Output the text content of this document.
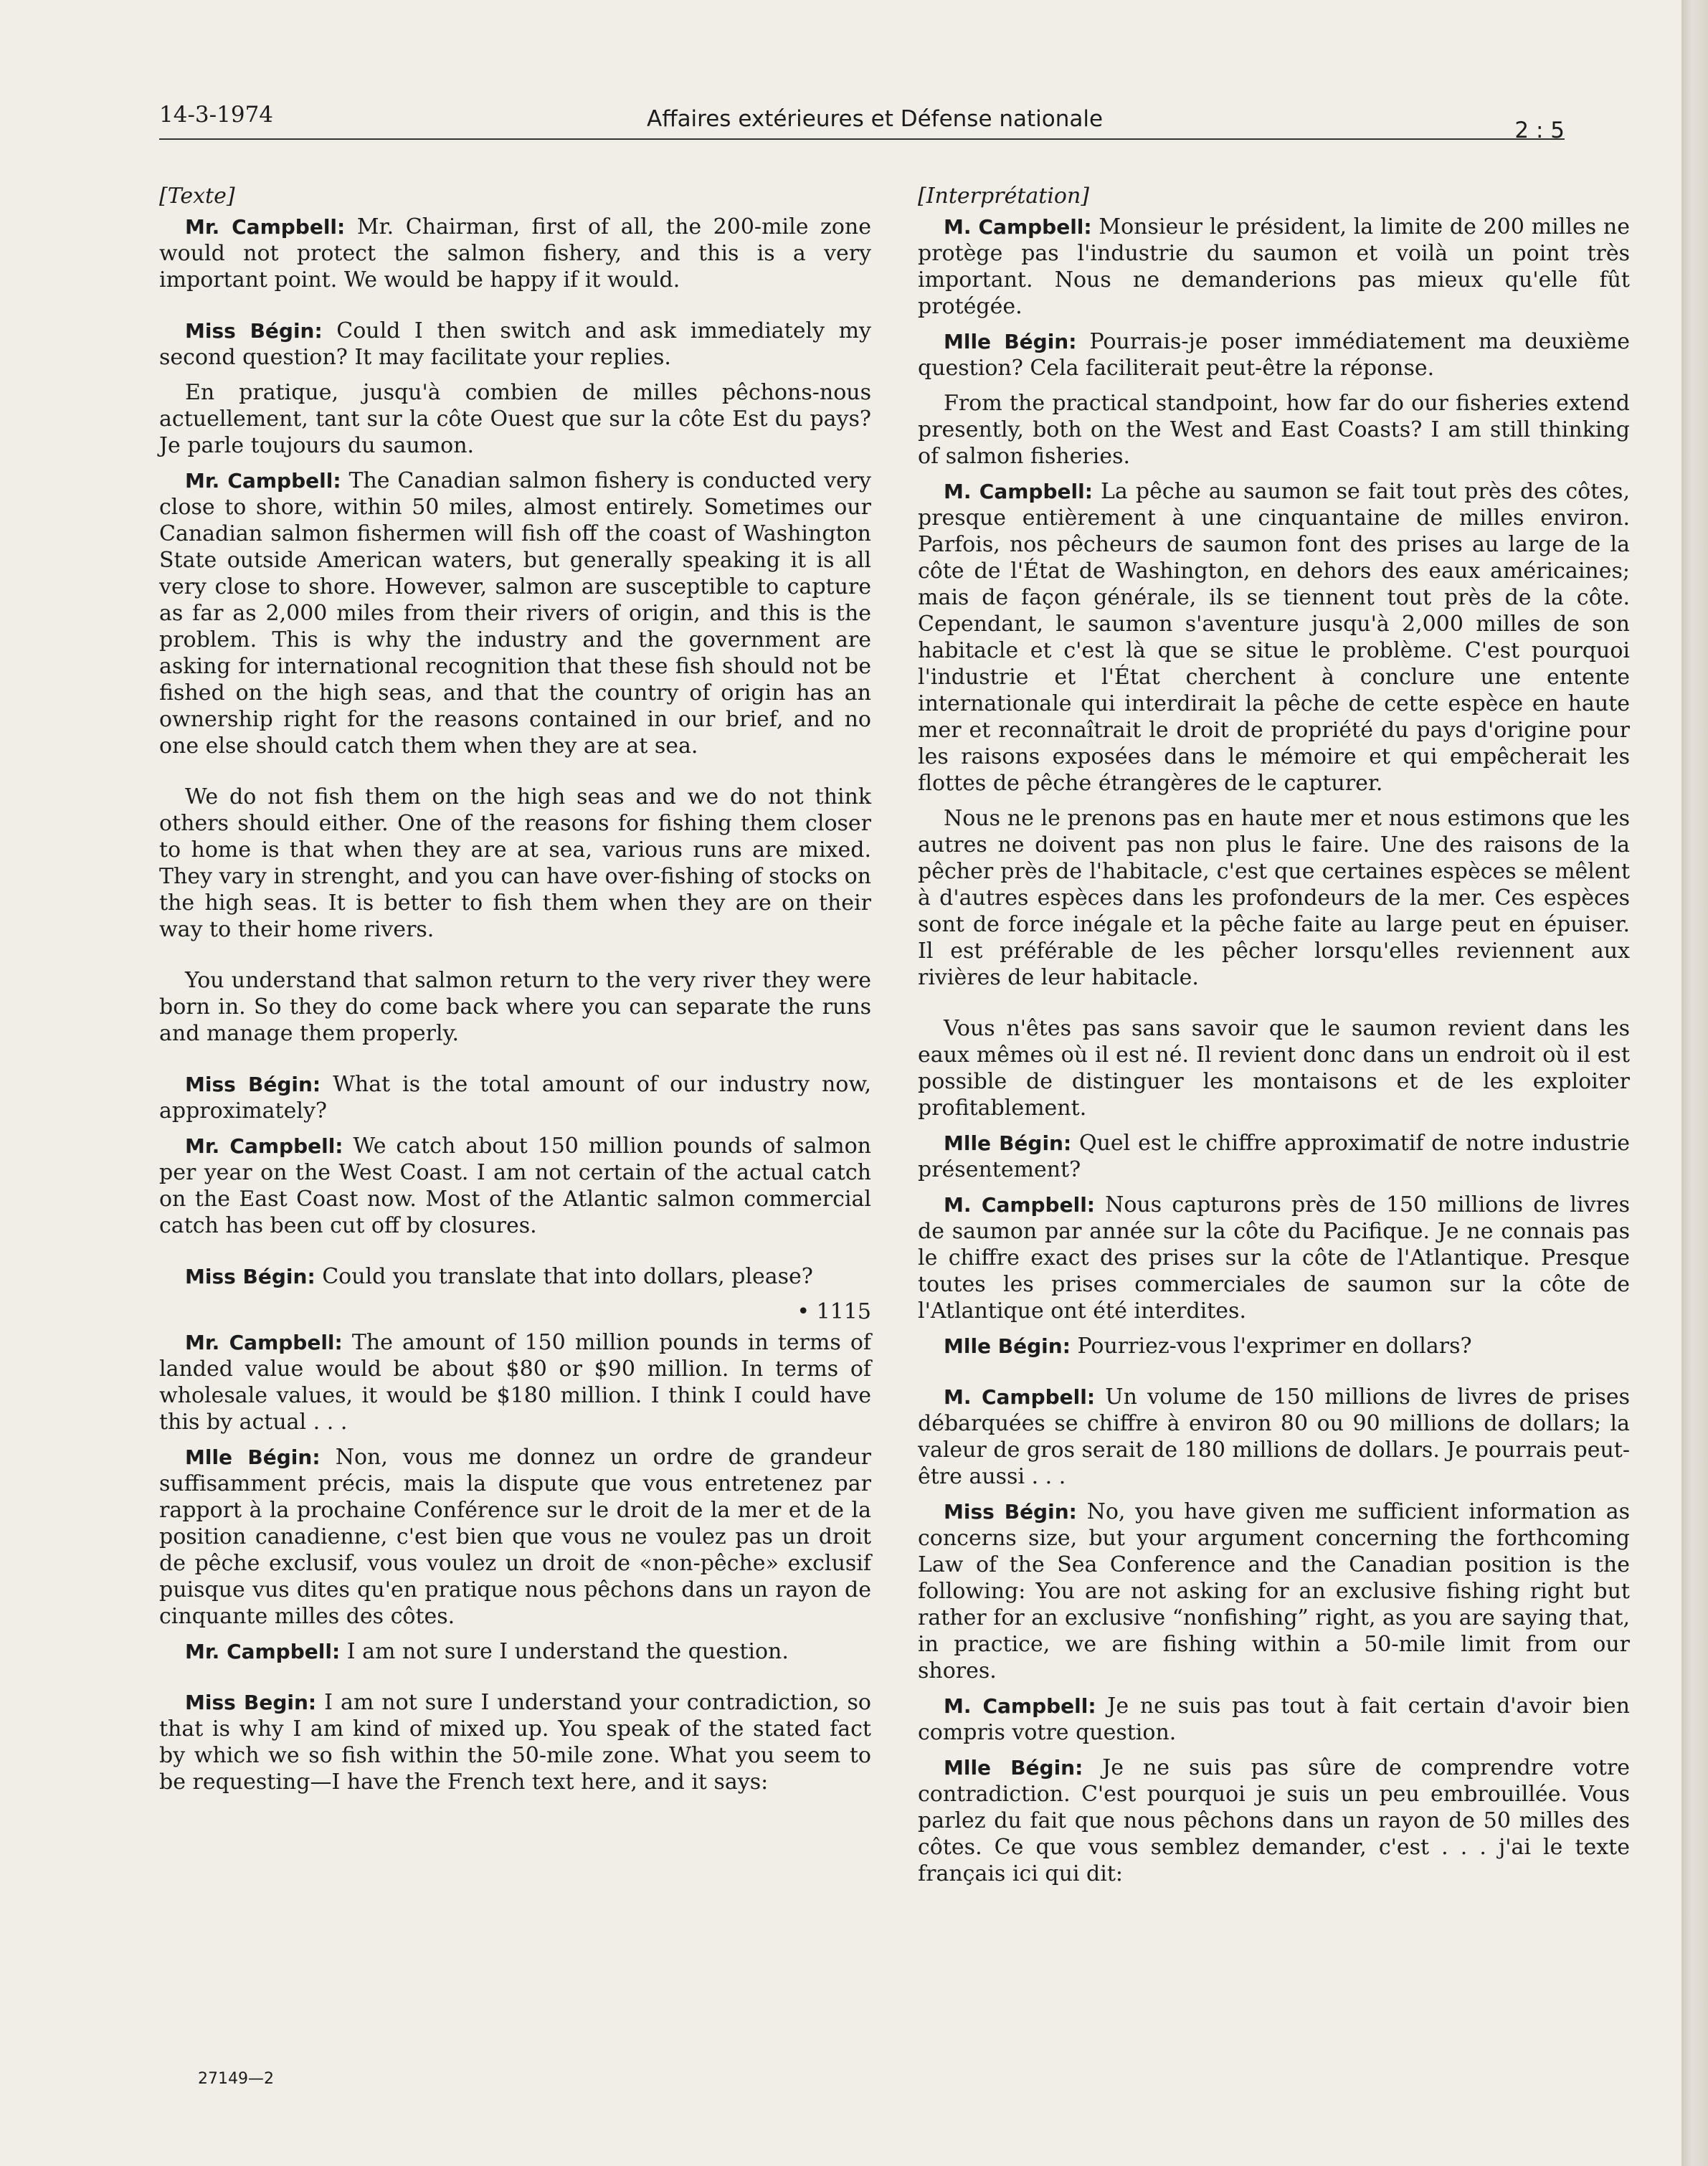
14-3-1974	Affaires extérieures et Défense nationale	2 : 5

[Texte]

Mr. Campbell: Mr. Chairman, first of all, the 200-mile zone would not protect the salmon fishery, and this is a very important point. We would be happy if it would.

Miss Bégin: Could I then switch and ask immediately my second question? It may facilitate your replies.

En pratique, jusqu'à combien de milles pêchons-nous actuellement, tant sur la côte Ouest que sur la côte Est du pays? Je parle toujours du saumon.

Mr. Campbell: The Canadian salmon fishery is conducted very close to shore, within 50 miles, almost entirely. Sometimes our Canadian salmon fishermen will fish off the coast of Washington State outside American waters, but generally speaking it is all very close to shore. However, salmon are susceptible to capture as far as 2,000 miles from their rivers of origin, and this is the problem. This is why the industry and the government are asking for international recognition that these fish should not be fished on the high seas, and that the country of origin has an ownership right for the reasons contained in our brief, and no one else should catch them when they are at sea.

We do not fish them on the high seas and we do not think others should either. One of the reasons for fishing them closer to home is that when they are at sea, various runs are mixed. They vary in strenght, and you can have over-fishing of stocks on the high seas. It is better to fish them when they are on their way to their home rivers.

You understand that salmon return to the very river they were born in. So they do come back where you can separate the runs and manage them properly.

Miss Bégin: What is the total amount of our industry now, approximately?

Mr. Campbell: We catch about 150 million pounds of salmon per year on the West Coast. I am not certain of the actual catch on the East Coast now. Most of the Atlantic salmon commercial catch has been cut off by closures.

Miss Bégin: Could you translate that into dollars, please?

• 1115

Mr. Campbell: The amount of 150 million pounds in terms of landed value would be about $80 or $90 million. In terms of wholesale values, it would be $180 million. I think I could have this by actual . . .

Mlle Bégin: Non, vous me donnez un ordre de grandeur suffisamment précis, mais la dispute que vous entretenez par rapport à la prochaine Conférence sur le droit de la mer et de la position canadienne, c'est bien que vous ne voulez pas un droit de pêche exclusif, vous voulez un droit de «non-pêche» exclusif puisque vus dites qu'en pratique nous pêchons dans un rayon de cinquante milles des côtes.

Mr. Campbell: I am not sure I understand the question.

Miss Begin: I am not sure I understand your contradiction, so that is why I am kind of mixed up. You speak of the stated fact by which we so fish within the 50-mile zone. What you seem to be requesting—I have the French text here, and it says:

[Interprétation]

M. Campbell: Monsieur le président, la limite de 200 milles ne protège pas l'industrie du saumon et voilà un point très important. Nous ne demanderions pas mieux qu'elle fût protégée.

Mlle Bégin: Pourrais-je poser immédiatement ma deuxième question? Cela faciliterait peut-être la réponse.

From the practical standpoint, how far do our fisheries extend presently, both on the West and East Coasts? I am still thinking of salmon fisheries.

M. Campbell: La pêche au saumon se fait tout près des côtes, presque entièrement à une cinquantaine de milles environ. Parfois, nos pêcheurs de saumon font des prises au large de la côte de l'État de Washington, en dehors des eaux américaines; mais de façon générale, ils se tiennent tout près de la côte. Cependant, le saumon s'aventure jusqu'à 2,000 milles de son habitacle et c'est là que se situe le problème. C'est pourquoi l'industrie et l'État cherchent à conclure une entente internationale qui interdirait la pêche de cette espèce en haute mer et reconnaîtrait le droit de propriété du pays d'origine pour les raisons exposées dans le mémoire et qui empêcherait les flottes de pêche étrangères de le capturer.

Nous ne le prenons pas en haute mer et nous estimons que les autres ne doivent pas non plus le faire. Une des raisons de la pêcher près de l'habitacle, c'est que certaines espèces se mêlent à d'autres espèces dans les profondeurs de la mer. Ces espèces sont de force inégale et la pêche faite au large peut en épuiser. Il est préférable de les pêcher lorsqu'elles reviennent aux rivières de leur habitacle.

Vous n'êtes pas sans savoir que le saumon revient dans les eaux mêmes où il est né. Il revient donc dans un endroit où il est possible de distinguer les montaisons et de les exploiter profitablement.

Mlle Bégin: Quel est le chiffre approximatif de notre industrie présentement?

M. Campbell: Nous capturons près de 150 millions de livres de saumon par année sur la côte du Pacifique. Je ne connais pas le chiffre exact des prises sur la côte de l'Atlantique. Presque toutes les prises commerciales de saumon sur la côte de l'Atlantique ont été interdites.

Mlle Bégin: Pourriez-vous l'exprimer en dollars?

M. Campbell: Un volume de 150 millions de livres de prises débarquées se chiffre à environ 80 ou 90 millions de dollars; la valeur de gros serait de 180 millions de dollars. Je pourrais peut-être aussi . . .

Miss Bégin: No, you have given me sufficient information as concerns size, but your argument concerning the forthcoming Law of the Sea Conference and the Canadian position is the following: You are not asking for an exclusive fishing right but rather for an exclusive “nonfishing” right, as you are saying that, in practice, we are fishing within a 50-mile limit from our shores.

M. Campbell: Je ne suis pas tout à fait certain d'avoir bien compris votre question.

Mlle Bégin: Je ne suis pas sûre de comprendre votre contradiction. C'est pourquoi je suis un peu embrouillée. Vous parlez du fait que nous pêchons dans un rayon de 50 milles des côtes. Ce que vous semblez demander, c'est . . . j'ai le texte français ici qui dit:

27149—2
